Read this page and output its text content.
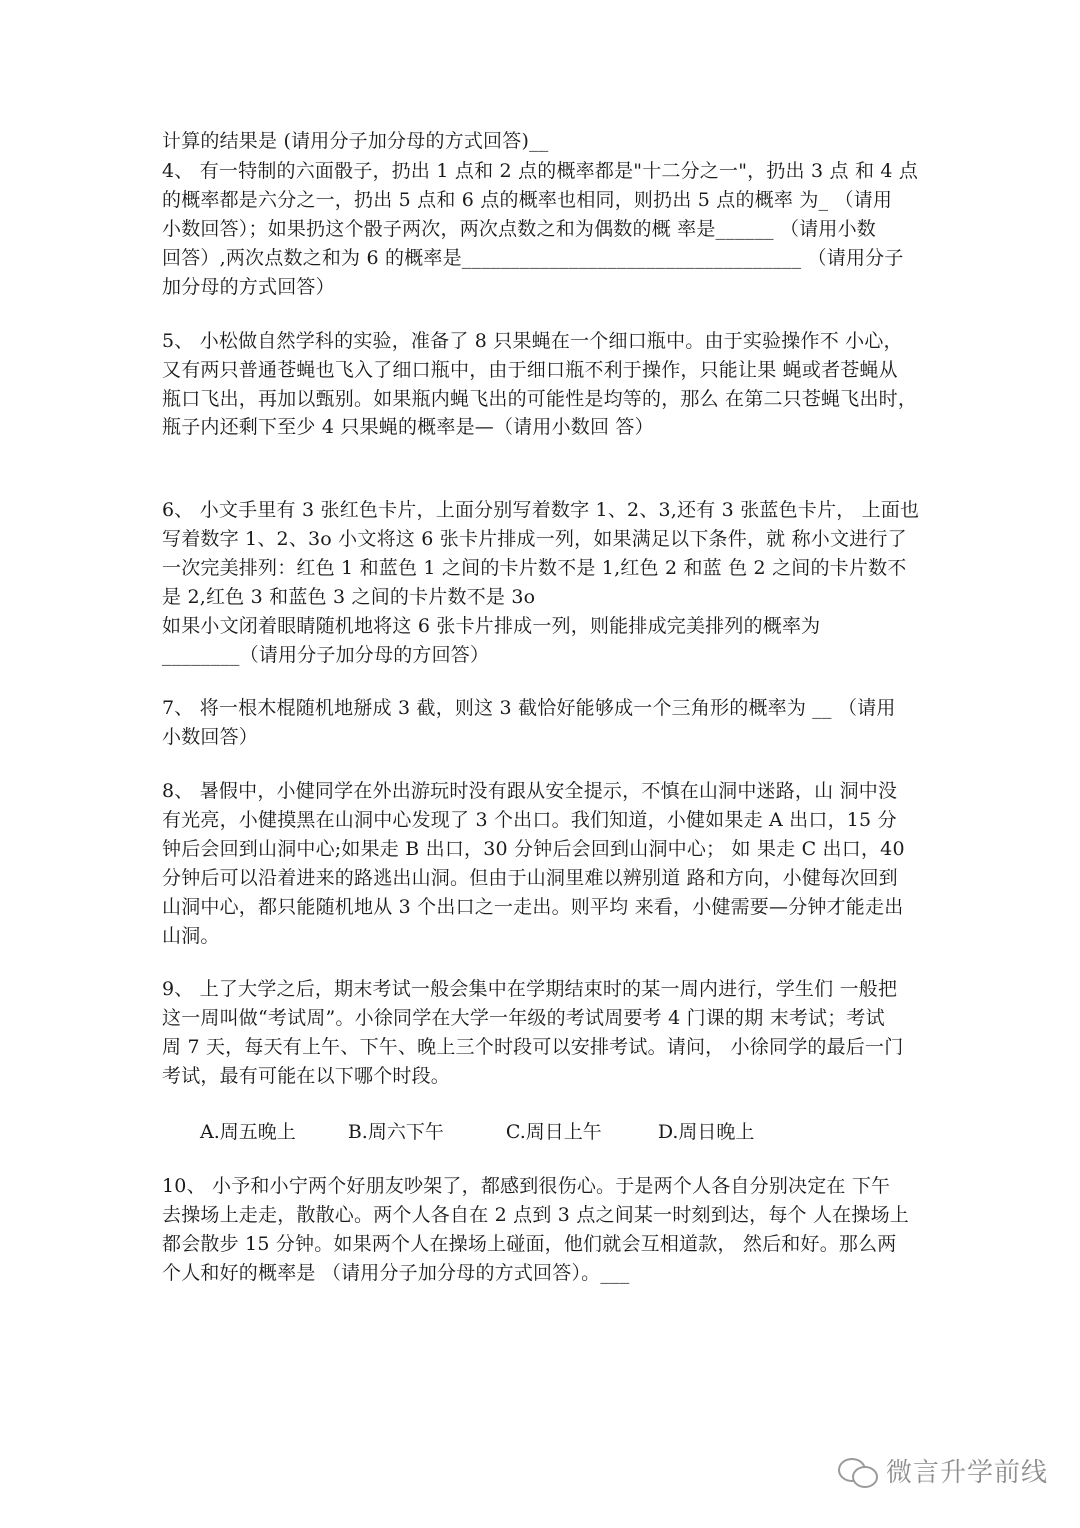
计算的结果是 (请用分子加分母的方式回答)__
4、 有一特制的六面骰子，扔出 1 点和 2 点的概率都是"十二分之一"，扔出 3 点 和 4 点
的概率都是六分之一，扔出 5 点和 6 点的概率也相同，则扔出 5 点的概率 为_ （请用
小数回答）；如果扔这个骰子两次，两次点数之和为偶数的概 率是______ （请用小数
回答）,两次点数之和为 6 的概率是___________________________________ （请用分子
加分母的方式回答）
5、 小松做自然学科的实验，准备了 8 只果蝇在一个细口瓶中。由于实验操作不 小心，
又有两只普通苍蝇也飞入了细口瓶中，由于细口瓶不利于操作，只能让果 蝇或者苍蝇从
瓶口飞出，再加以甄别。如果瓶内蝇飞出的可能性是均等的，那么 在第二只苍蝇飞出时，
瓶子内还剩下至少 4 只果蝇的概率是—（请用小数回 答）
6、 小文手里有 3 张红色卡片，上面分别写着数字 1、2、3,还有 3 张蓝色卡片， 上面也
写着数字 1、2、3o 小文将这 6 张卡片排成一列，如果满足以下条件，就 称小文进行了
一次完美排列：红色 1 和蓝色 1 之间的卡片数不是 1,红色 2 和蓝 色 2 之间的卡片数不
是 2,红色 3 和蓝色 3 之间的卡片数不是 3o
如果小文闭着眼睛随机地将这 6 张卡片排成一列，则能排成完美排列的概率为
________（请用分子加分母的方回答）
7、 将一根木棍随机地掰成 3 截，则这 3 截恰好能够成一个三角形的概率为 __ （请用
小数回答）
8、 暑假中，小健同学在外出游玩时没有跟从安全提示，不慎在山洞中迷路，山 洞中没
有光亮，小健摸黑在山洞中心发现了 3 个出口。我们知道，小健如果走 A 出口，15 分
钟后会回到山洞中心;如果走 B 出口，30 分钟后会回到山洞中心； 如 果走 C 出口，40
分钟后可以沿着进来的路逃出山洞。但由于山洞里难以辨别道 路和方向，小健每次回到
山洞中心，都只能随机地从 3 个出口之一走出。则平均 来看，小健需要—分钟才能走出
山洞。
9、 上了大学之后，期末考试一般会集中在学期结束时的某一周内进行，学生们 一般把
这一周叫做“考试周”。小徐同学在大学一年级的考试周要考 4 门课的期 末考试；考试
周 7 天，每天有上午、下午、晚上三个时段可以安排考试。请问， 小徐同学的最后一门
考试，最有可能在以下哪个时段。
A.周五晚上	B.周六下午	C.周日上午	D.周日晚上
10、 小予和小宁两个好朋友吵架了，都感到很伤心。于是两个人各自分别决定在 下午
去操场上走走，散散心。两个人各自在 2 点到 3 点之间某一时刻到达，每个 人在操场上
都会散步 15 分钟。如果两个人在操场上碰面，他们就会互相道款， 然后和好。那么两
个人和好的概率是 （请用分子加分母的方式回答）。___
微言升学前线
